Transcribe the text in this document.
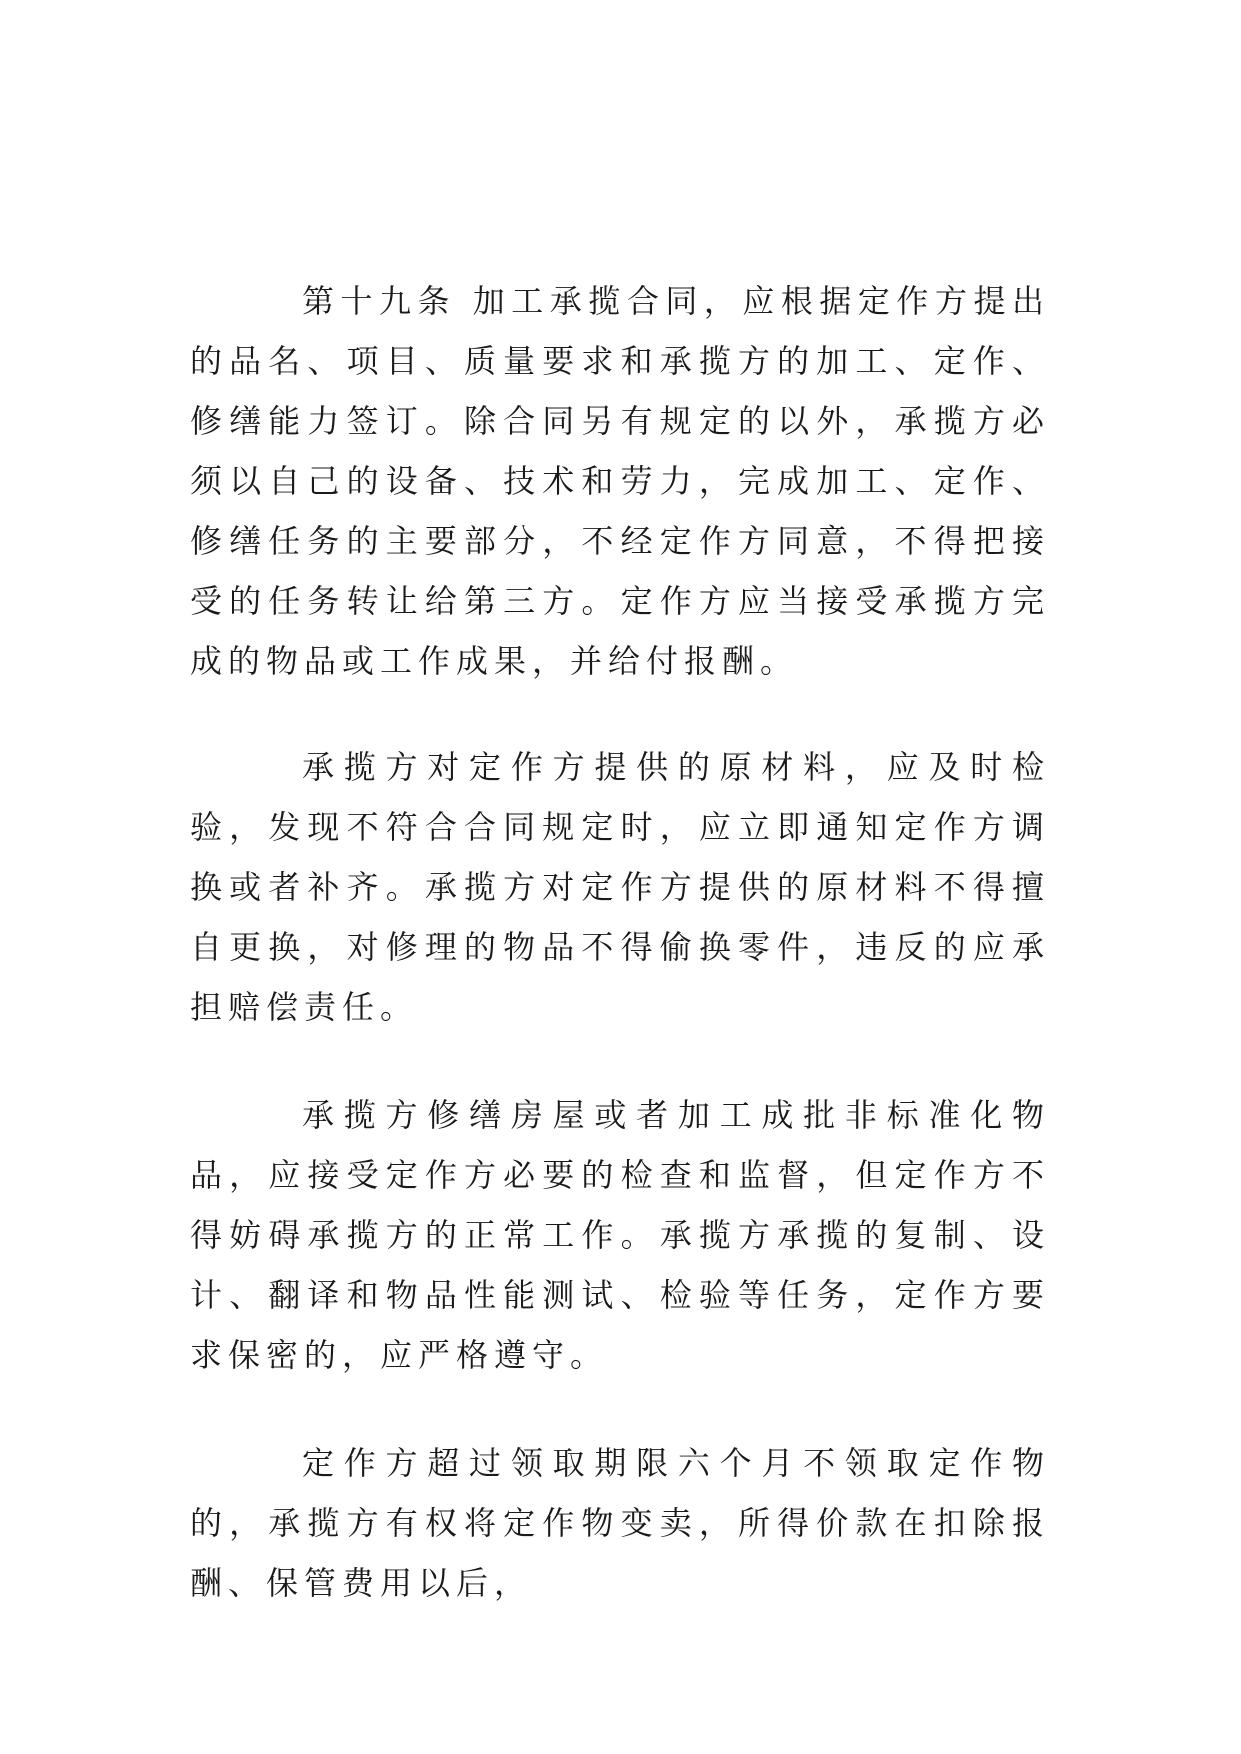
第十九条 加工承揽合同，应根据定作方提出的品名、项目、质量要求和承揽方的加工、定作、修缮能力签订。除合同另有规定的以外，承揽方必须以自己的设备、技术和劳力，完成加工、定作、修缮任务的主要部分，不经定作方同意，不得把接受的任务转让给第三方。定作方应当接受承揽方完成的物品或工作成果，并给付报酬。

承揽方对定作方提供的原材料，应及时检验，发现不符合合同规定时，应立即通知定作方调换或者补齐。承揽方对定作方提供的原材料不得擅自更换，对修理的物品不得偷换零件，违反的应承担赔偿责任。

承揽方修缮房屋或者加工成批非标准化物品，应接受定作方必要的检查和监督，但定作方不得妨碍承揽方的正常工作。承揽方承揽的复制、设计、翻译和物品性能测试、检验等任务，定作方要求保密的，应严格遵守。

定作方超过领取期限六个月不领取定作物的，承揽方有权将定作物变卖，所得价款在扣除报酬、保管费用以后，
